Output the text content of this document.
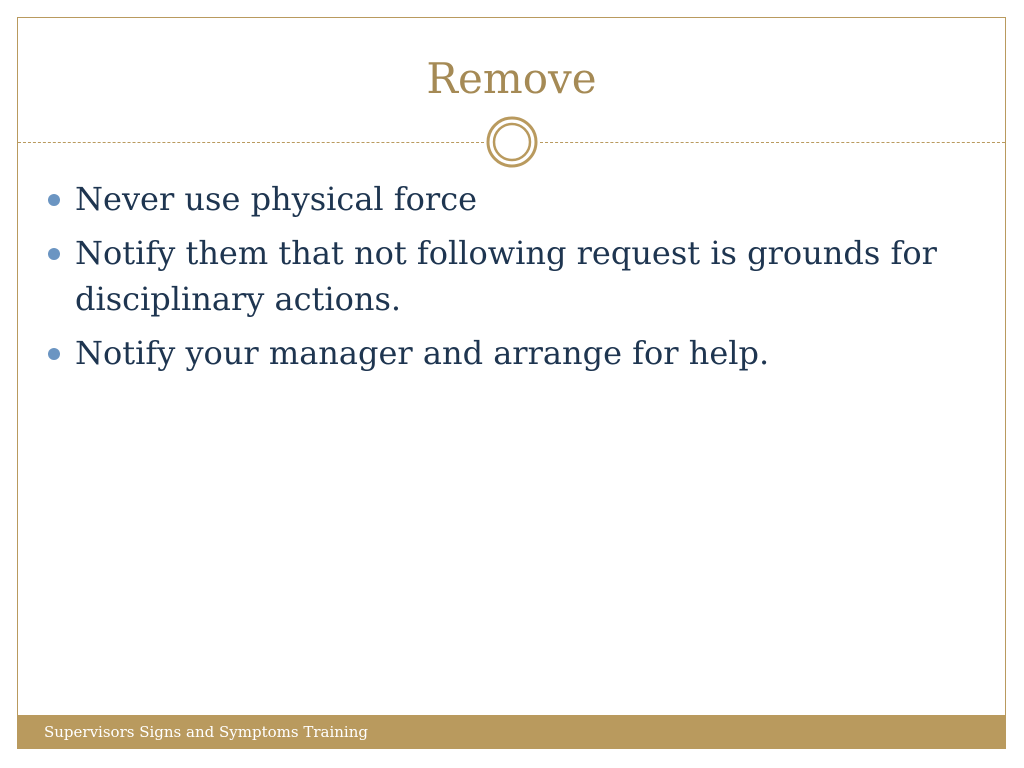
Remove
Never use physical force
Notify them that not following request is grounds for disciplinary actions.
Notify your manager and arrange for help.
Supervisors Signs and Symptoms Training
